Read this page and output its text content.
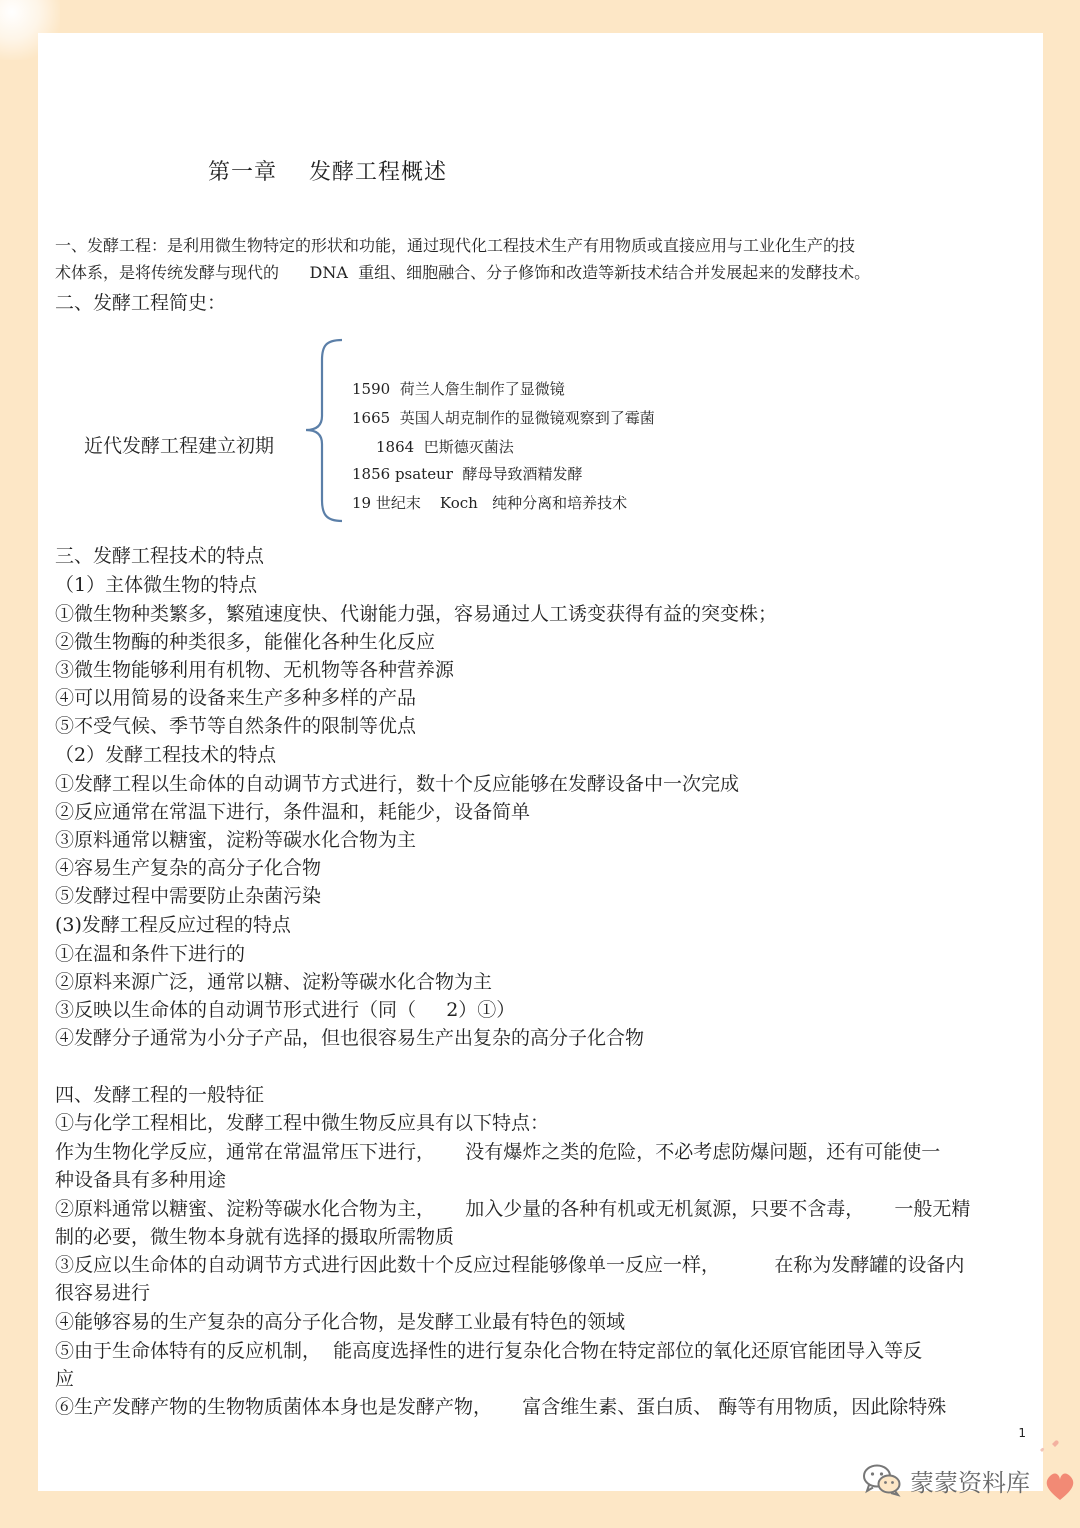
第一章    发酵工程概述
一、发酵工程：是利用微生物特定的形状和功能，通过现代化工程技术生产有用物质或直接应用与工业化生产的技
术体系，是将传统发酵与现代的      DNA  重组、细胞融合、分子修饰和改造等新技术结合并发展起来的发酵技术。
二、发酵工程简史：
近代发酵工程建立初期
1590  荷兰人詹生制作了显微镜
1665  英国人胡克制作的显微镜观察到了霉菌
1864  巴斯德灭菌法
1856 psateur  酵母导致酒精发酵
19 世纪末    Koch   纯种分离和培养技术
三、发酵工程技术的特点
（1）主体微生物的特点
①微生物种类繁多，繁殖速度快、代谢能力强，容易通过人工诱变获得有益的突变株；
②微生物酶的种类很多，能催化各种生化反应
③微生物能够利用有机物、无机物等各种营养源
④可以用简易的设备来生产多种多样的产品
⑤不受气候、季节等自然条件的限制等优点
（2）发酵工程技术的特点
①发酵工程以生命体的自动调节方式进行，数十个反应能够在发酵设备中一次完成
②反应通常在常温下进行，条件温和，耗能少，设备简单
③原料通常以糖蜜，淀粉等碳水化合物为主
④容易生产复杂的高分子化合物
⑤发酵过程中需要防止杂菌污染
(3)发酵工程反应过程的特点
①在温和条件下进行的
②原料来源广泛，通常以糖、淀粉等碳水化合物为主
③反映以生命体的自动调节形式进行（同（     2）①）
④发酵分子通常为小分子产品，但也很容易生产出复杂的高分子化合物
四、发酵工程的一般特征
①与化学工程相比，发酵工程中微生物反应具有以下特点：
作为生物化学反应，通常在常温常压下进行，     没有爆炸之类的危险，不必考虑防爆问题，还有可能使一
种设备具有多种用途
②原料通常以糖蜜、淀粉等碳水化合物为主，     加入少量的各种有机或无机氮源，只要不含毒，     一般无精
制的必要，微生物本身就有选择的摄取所需物质
③反应以生命体的自动调节方式进行因此数十个反应过程能够像单一反应一样，         在称为发酵罐的设备内
很容易进行
④能够容易的生产复杂的高分子化合物，是发酵工业最有特色的领域
⑤由于生命体特有的反应机制，  能高度选择性的进行复杂化合物在特定部位的氧化还原官能团导入等反
应
⑥生产发酵产物的生物物质菌体本身也是发酵产物，     富含维生素、蛋白质、 酶等有用物质，因此除特殊
1
蒙蒙资料库
